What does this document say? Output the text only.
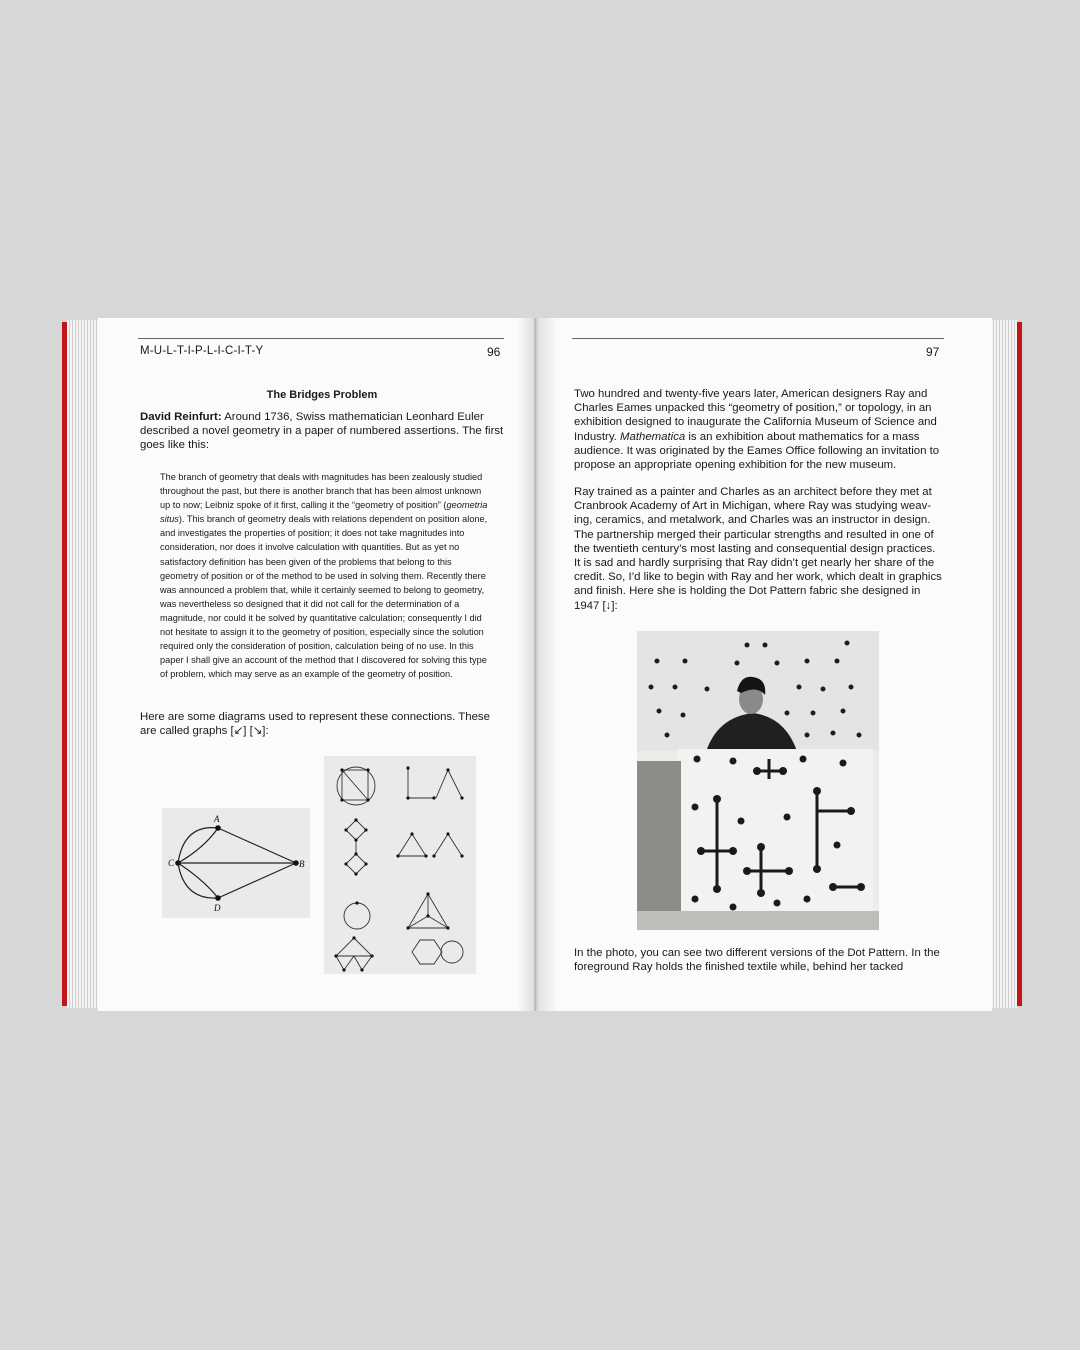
M-U-L-T-I-P-L-I-C-I-T-Y	96
The Bridges Problem
David Reinfurt: Around 1736, Swiss mathematician Leonhard Euler described a novel geometry in a paper of numbered assertions. The first goes like this:
The branch of geometry that deals with magnitudes has been zealously studied throughout the past, but there is another branch that has been almost unknown up to now; Leibniz spoke of it first, calling it the “geometry of position” (geometria situs). This branch of geometry deals with relations dependent on position alone, and investigates the properties of position; it does not take magnitudes into consideration, nor does it involve calculation with quantities. But as yet no satisfactory definition has been given of the problems that belong to this geometry of position or of the method to be used in solving them. Recently there was announced a problem that, while it certainly seemed to belong to geometry, was nevertheless so designed that it did not call for the determination of a magnitude, nor could it be solved by quantitative calculation; consequently I did not hesitate to assign it to the geometry of position, especially since the solution required only the consideration of position, calculation being of no use. In this paper I shall give an account of the method that I discovered for solving this type of problem, which may serve as an example of the geometry of position.
Here are some diagrams used to represent these connections. These are called graphs [↙] [↘]:
A
B
C
D
97
Two hundred and twenty-five years later, American designers Ray and Charles Eames unpacked this “geometry of position,” or topology, in an exhibition designed to inaugurate the California Museum of Science and Industry. Mathematica is an exhibition about mathematics for a mass audience. It was originated by the Eames Office following an invitation to propose an appropriate opening exhibition for the new museum.
Ray trained as a painter and Charles as an architect before they met at Cranbrook Academy of Art in Michigan, where Ray was studying weaving, ceramics, and metalwork, and Charles was an instructor in design. The partnership merged their particular strengths and resulted in one of the twentieth century’s most lasting and consequential design practices. It is sad and hardly surprising that Ray didn’t get nearly her share of the credit. So, I’d like to begin with Ray and her work, which dealt in graphics and finish. Here she is holding the Dot Pattern fabric she designed in 1947 [↓]:
In the photo, you can see two different versions of the Dot Pattern. In the foreground Ray holds the finished textile while, behind her tacked
